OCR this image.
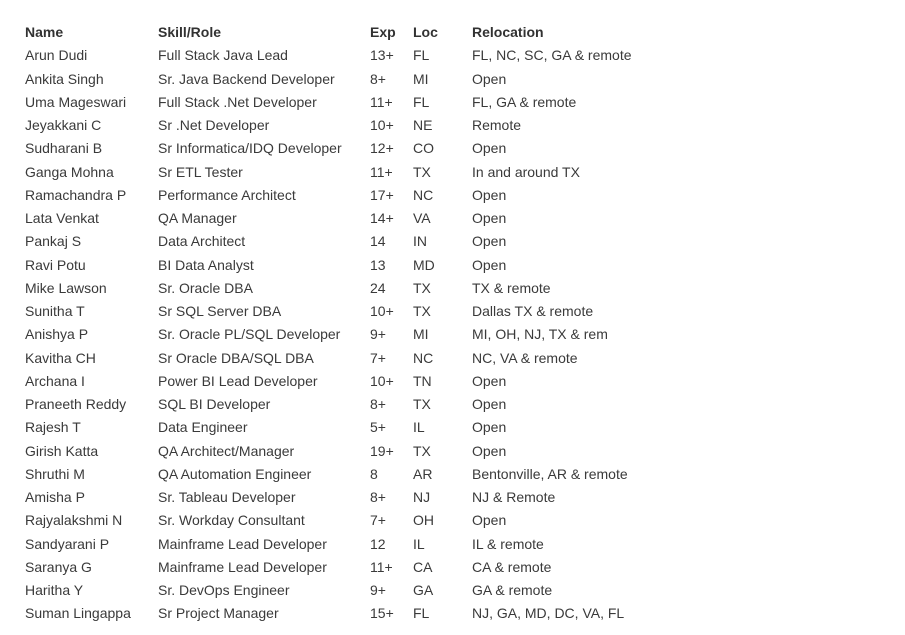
Name	Skill/Role	Exp	Loc	Relocation
Arun Dudi	Full Stack Java Lead	13+	FL	FL, NC, SC, GA & remote
Ankita Singh	Sr. Java Backend Developer	8+	MI	Open
Uma Mageswari	Full Stack .Net Developer	11+	FL	FL, GA & remote
Jeyakkani C	Sr .Net Developer	10+	NE	Remote
Sudharani B	Sr Informatica/IDQ Developer	12+	CO	Open
Ganga Mohna	Sr ETL Tester	11+	TX	In and around TX
Ramachandra P	Performance Architect	17+	NC	Open
Lata Venkat	QA Manager	14+	VA	Open
Pankaj S	Data Architect	14	IN	Open
Ravi Potu	BI Data Analyst	13	MD	Open
Mike Lawson	Sr. Oracle DBA	24	TX	TX & remote
Sunitha T	Sr SQL Server DBA	10+	TX	Dallas TX & remote
Anishya P	Sr. Oracle PL/SQL Developer	9+	MI	MI, OH, NJ, TX & rem
Kavitha CH	Sr Oracle DBA/SQL DBA	7+	NC	NC, VA & remote
Archana I	Power BI Lead Developer	10+	TN	Open
Praneeth Reddy	SQL BI Developer	8+	TX	Open
Rajesh T	Data Engineer	5+	IL	Open
Girish Katta	QA Architect/Manager	19+	TX	Open
Shruthi M	QA Automation Engineer	8	AR	Bentonville, AR & remote
Amisha P	Sr. Tableau Developer	8+	NJ	NJ & Remote
Rajyalakshmi N	Sr. Workday Consultant	7+	OH	Open
Sandyarani P	Mainframe Lead Developer	12	IL	IL & remote
Saranya G	Mainframe Lead Developer	11+	CA	CA & remote
Haritha Y	Sr. DevOps Engineer	9+	GA	GA & remote
Suman Lingappa	Sr Project Manager	15+	FL	NJ, GA, MD, DC, VA, FL
